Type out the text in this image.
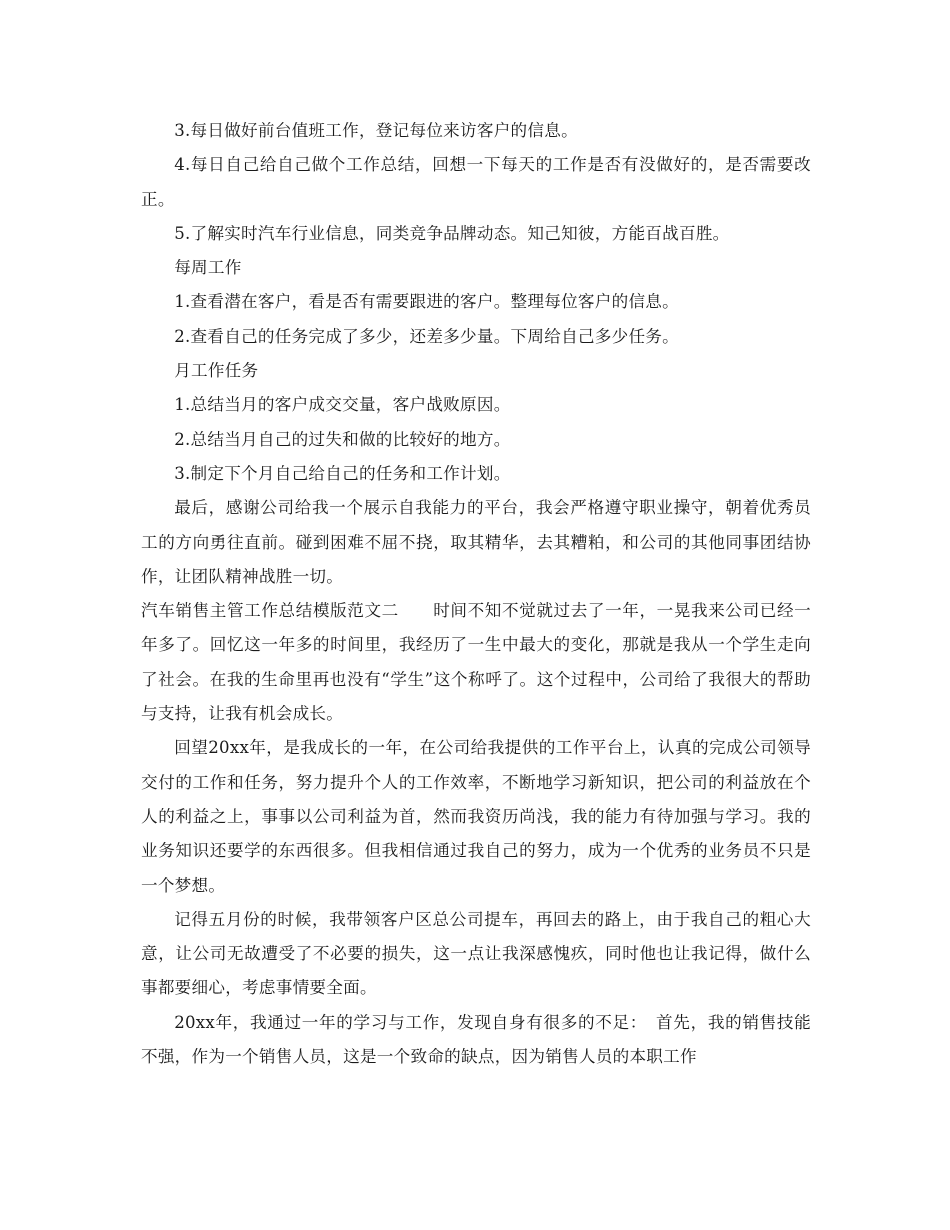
3.每日做好前台值班工作，登记每位来访客户的信息。

4.每日自己给自己做个工作总结，回想一下每天的工作是否有没做好的，是否需要改正。

5.了解实时汽车行业信息，同类竞争品牌动态。知己知彼，方能百战百胜。

每周工作

1.查看潜在客户，看是否有需要跟进的客户。整理每位客户的信息。

2.查看自己的任务完成了多少，还差多少量。下周给自己多少任务。

月工作任务

1.总结当月的客户成交交量，客户战败原因。

2.总结当月自己的过失和做的比较好的地方。

3.制定下个月自己给自己的任务和工作计划。

最后，感谢公司给我一个展示自我能力的平台，我会严格遵守职业操守，朝着优秀员工的方向勇往直前。碰到困难不屈不挠，取其精华，去其糟粕，和公司的其他同事团结协作，让团队精神战胜一切。

汽车销售主管工作总结模版范文二　　时间不知不觉就过去了一年，一晃我来公司已经一年多了。回忆这一年多的时间里，我经历了一生中最大的变化，那就是我从一个学生走向了社会。在我的生命里再也没有“学生”这个称呼了。这个过程中，公司给了我很大的帮助与支持，让我有机会成长。

回望20xx年，是我成长的一年，在公司给我提供的工作平台上，认真的完成公司领导交付的工作和任务，努力提升个人的工作效率，不断地学习新知识，把公司的利益放在个人的利益之上，事事以公司利益为首，然而我资历尚浅，我的能力有待加强与学习。我的业务知识还要学的东西很多。但我相信通过我自己的努力，成为一个优秀的业务员不只是一个梦想。

记得五月份的时候，我带领客户区总公司提车，再回去的路上，由于我自己的粗心大意，让公司无故遭受了不必要的损失，这一点让我深感愧疚，同时他也让我记得，做什么事都要细心，考虑事情要全面。

20xx年，我通过一年的学习与工作，发现自身有很多的不足：　首先，我的销售技能不强，作为一个销售人员，这是一个致命的缺点，因为销售人员的本职工作
